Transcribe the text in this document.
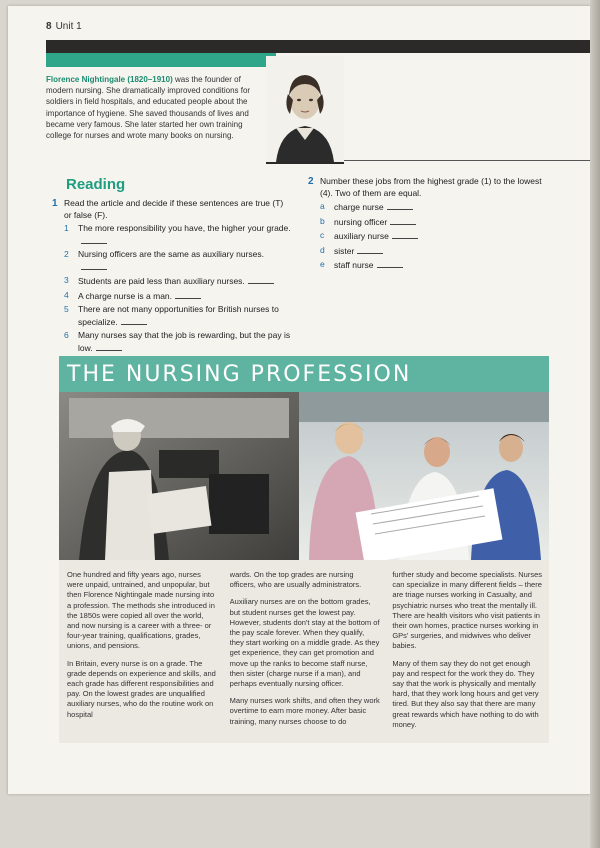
8 Unit 1
Florence Nightingale (1820–1910) was the founder of modern nursing. She dramatically improved conditions for soldiers in field hospitals, and educated people about the importance of hygiene. She saved thousands of lives and became very famous. She later started her own training college for nurses and wrote many books on nursing.
Reading
1 Read the article and decide if these sentences are true (T) or false (F).
1 The more responsibility you have, the higher your grade.
2 Nursing officers are the same as auxiliary nurses.
3 Students are paid less than auxiliary nurses.
4 A charge nurse is a man.
5 There are not many opportunities for British nurses to specialize.
6 Many nurses say that the job is rewarding, but the pay is low.
2 Number these jobs from the highest grade (1) to the lowest (4). Two of them are equal.
a charge nurse
b nursing officer
c auxiliary nurse
d sister
e staff nurse
THE NURSING PROFESSION

One hundred and fifty years ago, nurses were unpaid, untrained, and unpopular, but then Florence Nightingale made nursing into a profession. The methods she introduced in the 1850s were copied all over the world, and now nursing is a career with a three- or four-year training, qualifications, grades, unions, and pensions.

In Britain, every nurse is on a grade. The grade depends on experience and skills, and each grade has different responsibilities and pay. On the lowest grades are unqualified auxiliary nurses, who do the routine work on hospital

wards. On the top grades are nursing officers, who are usually administrators.

Auxiliary nurses are on the bottom grades, but student nurses get the lowest pay. However, students don't stay at the bottom of the pay scale forever. When they qualify, they start working on a middle grade. As they get experience, they can get promotion and move up the ranks to become staff nurse, then sister (charge nurse if a man), and perhaps eventually nursing officer.

Many nurses work shifts, and often they work overtime to earn more money. After basic training, many nurses choose to do

further study and become specialists. Nurses can specialize in many different fields – there are triage nurses working in Casualty, and psychiatric nurses who treat the mentally ill. There are health visitors who visit patients in their own homes, practice nurses working in GPs' surgeries, and midwives who deliver babies.

Many of them say they do not get enough pay and respect for the work they do. They say that the work is physically and mentally hard, that they work long hours and get very tired. But they also say that there are many great rewards which have nothing to do with money.
